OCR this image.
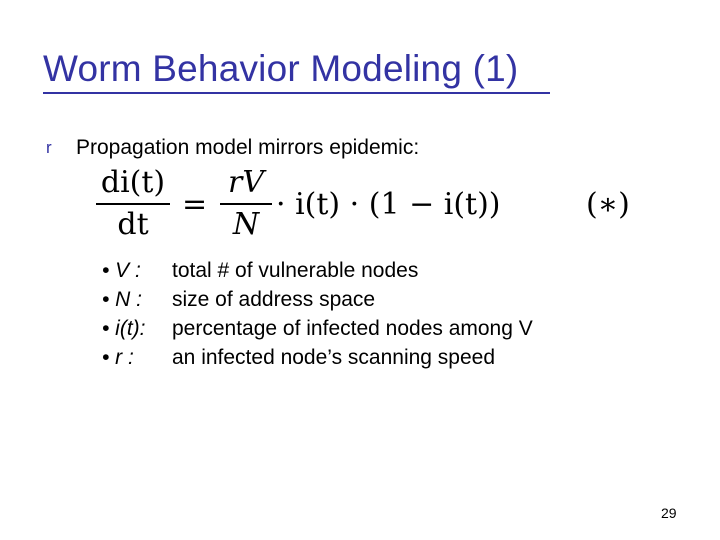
Worm Behavior Modeling (1)
r	Propagation model mirrors epidemic:
di(t)
dt
=
rV
N
· i(t) · (1 − i(t))	(∗)
• V :	total # of vulnerable nodes
• N :	size of address space
• i(t):	percentage of infected nodes among V
• r :	an infected node’s scanning speed
29
